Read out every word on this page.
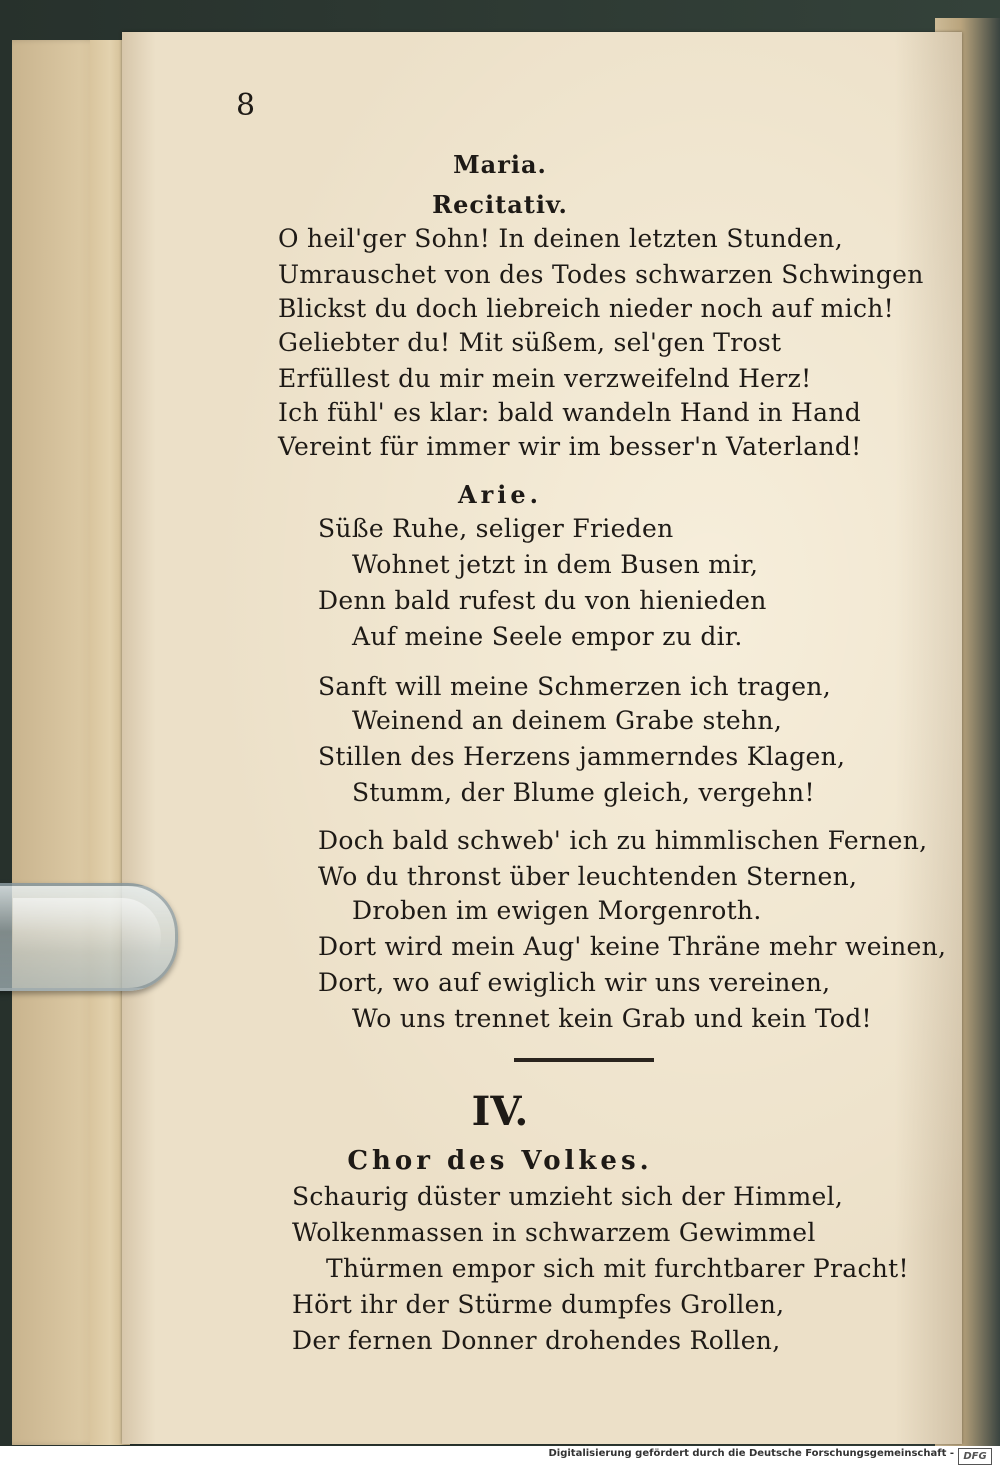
8
Maria.
Recitativ.
O heil'ger Sohn! In deinen letzten Stunden,
Umrauschet von des Todes schwarzen Schwingen
Blickst du doch liebreich nieder noch auf mich!
Geliebter du! Mit süßem, sel'gen Trost
Erfüllest du mir mein verzweifelnd Herz!
Ich fühl' es klar: bald wandeln Hand in Hand
Vereint für immer wir im besser'n Vaterland!
Arie.
Süße Ruhe, seliger Frieden
Wohnet jetzt in dem Busen mir,
Denn bald rufest du von hienieden
Auf meine Seele empor zu dir.
Sanft will meine Schmerzen ich tragen,
Weinend an deinem Grabe stehn,
Stillen des Herzens jammerndes Klagen,
Stumm, der Blume gleich, vergehn!
Doch bald schweb' ich zu himmlischen Fernen,
Wo du thronst über leuchtenden Sternen,
Droben im ewigen Morgenroth.
Dort wird mein Aug' keine Thräne mehr weinen,
Dort, wo auf ewiglich wir uns vereinen,
Wo uns trennet kein Grab und kein Tod!
IV.
Chor des Volkes.
Schaurig düster umzieht sich der Himmel,
Wolkenmassen in schwarzem Gewimmel
Thürmen empor sich mit furchtbarer Pracht!
Hört ihr der Stürme dumpfes Grollen,
Der fernen Donner drohendes Rollen,
Digitalisierung gefördert durch die Deutsche Forschungsgemeinschaft - DFG
